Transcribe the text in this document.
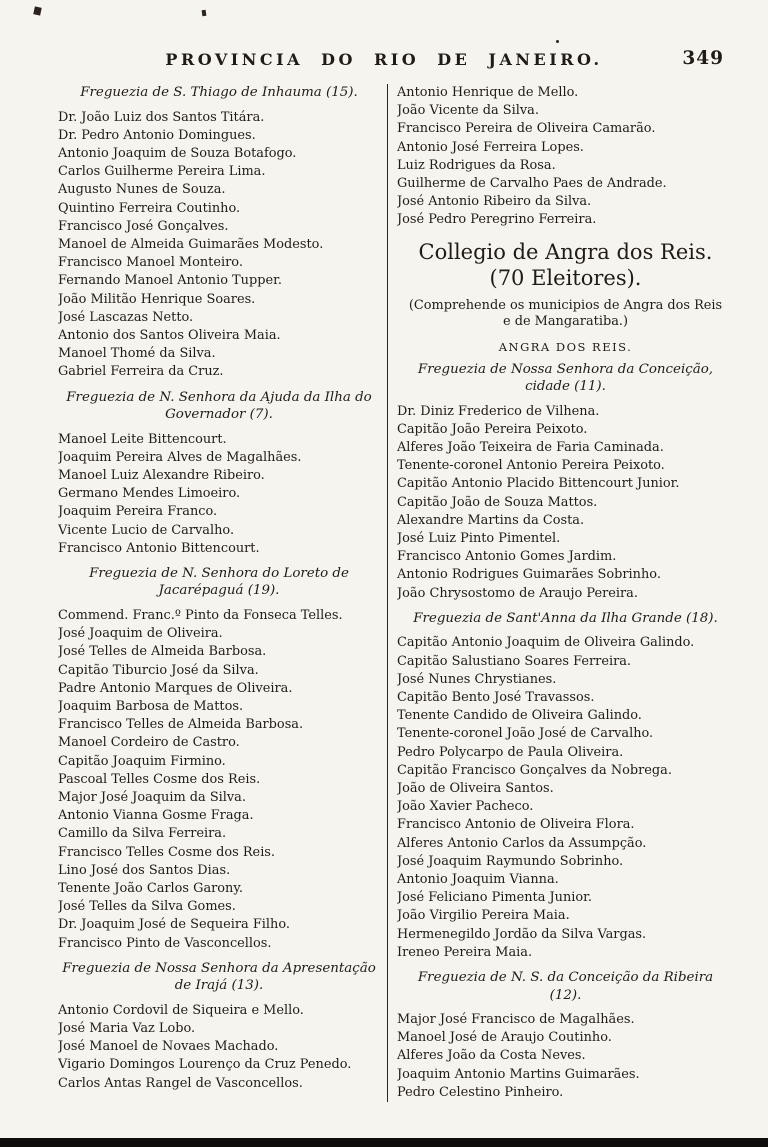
PROVINCIA DO RIO DE JANEIRO.	349
Freguezia de S. Thiago de Inhauma (15).
Dr. João Luiz dos Santos Titára.
Dr. Pedro Antonio Domingues.
Antonio Joaquim de Souza Botafogo.
Carlos Guilherme Pereira Lima.
Augusto Nunes de Souza.
Quintino Ferreira Coutinho.
Francisco José Gonçalves.
Manoel de Almeida Guimarães Modesto.
Francisco Manoel Monteiro.
Fernando Manoel Antonio Tupper.
João Militão Henrique Soares.
José Lascazas Netto.
Antonio dos Santos Oliveira Maia.
Manoel Thomé da Silva.
Gabriel Ferreira da Cruz.
Freguezia de N. Senhora da Ajuda da Ilha do Governador (7).
Manoel Leite Bittencourt.
Joaquim Pereira Alves de Magalhães.
Manoel Luiz Alexandre Ribeiro.
Germano Mendes Limoeiro.
Joaquim Pereira Franco.
Vicente Lucio de Carvalho.
Francisco Antonio Bittencourt.
Freguezia de N. Senhora do Loreto de Jacarépaguá (19).
Commend. Franc.º Pinto da Fonseca Telles.
José Joaquim de Oliveira.
José Telles de Almeida Barbosa.
Capitão Tiburcio José da Silva.
Padre Antonio Marques de Oliveira.
Joaquim Barbosa de Mattos.
Francisco Telles de Almeida Barbosa.
Manoel Cordeiro de Castro.
Capitão Joaquim Firmino.
Pascoal Telles Cosme dos Reis.
Major José Joaquim da Silva.
Antonio Vianna Gosme Fraga.
Camillo da Silva Ferreira.
Francisco Telles Cosme dos Reis.
Lino José dos Santos Dias.
Tenente João Carlos Garony.
José Telles da Silva Gomes.
Dr. Joaquim José de Sequeira Filho.
Francisco Pinto de Vasconcellos.
Freguezia de Nossa Senhora da Apresentação de Irajá (13).
Antonio Cordovil de Siqueira e Mello.
José Maria Vaz Lobo.
José Manoel de Novaes Machado.
Vigario Domingos Lourenço da Cruz Penedo.
Carlos Antas Rangel de Vasconcellos.
Antonio Henrique de Mello.
João Vicente da Silva.
Francisco Pereira de Oliveira Camarão.
Antonio José Ferreira Lopes.
Luiz Rodrigues da Rosa.
Guilherme de Carvalho Paes de Andrade.
José Antonio Ribeiro da Silva.
José Pedro Peregrino Ferreira.
Collegio de Angra dos Reis.
(70 Eleitores).
(Comprehende os municipios de Angra dos Reis e de Mangaratiba.)
ANGRA DOS REIS.
Freguezia de Nossa Senhora da Conceição, cidade (11).
Dr. Diniz Frederico de Vilhena.
Capitão João Pereira Peixoto.
Alferes João Teixeira de Faria Caminada.
Tenente-coronel Antonio Pereira Peixoto.
Capitão Antonio Placido Bittencourt Junior.
Capitão João de Souza Mattos.
Alexandre Martins da Costa.
José Luiz Pinto Pimentel.
Francisco Antonio Gomes Jardim.
Antonio Rodrigues Guimarães Sobrinho.
João Chrysostomo de Araujo Pereira.
Freguezia de Sant'Anna da Ilha Grande (18).
Capitão Antonio Joaquim de Oliveira Galindo.
Capitão Salustiano Soares Ferreira.
José Nunes Chrystianes.
Capitão Bento José Travassos.
Tenente Candido de Oliveira Galindo.
Tenente-coronel João José de Carvalho.
Pedro Polycarpo de Paula Oliveira.
Capitão Francisco Gonçalves da Nobrega.
João de Oliveira Santos.
João Xavier Pacheco.
Francisco Antonio de Oliveira Flora.
Alferes Antonio Carlos da Assumpção.
José Joaquim Raymundo Sobrinho.
Antonio Joaquim Vianna.
José Feliciano Pimenta Junior.
João Virgilio Pereira Maia.
Hermenegildo Jordão da Silva Vargas.
Ireneo Pereira Maia.
Freguezia de N. S. da Conceição da Ribeira (12).
Major José Francisco de Magalhães.
Manoel José de Araujo Coutinho.
Alferes João da Costa Neves.
Joaquim Antonio Martins Guimarães.
Pedro Celestino Pinheiro.
